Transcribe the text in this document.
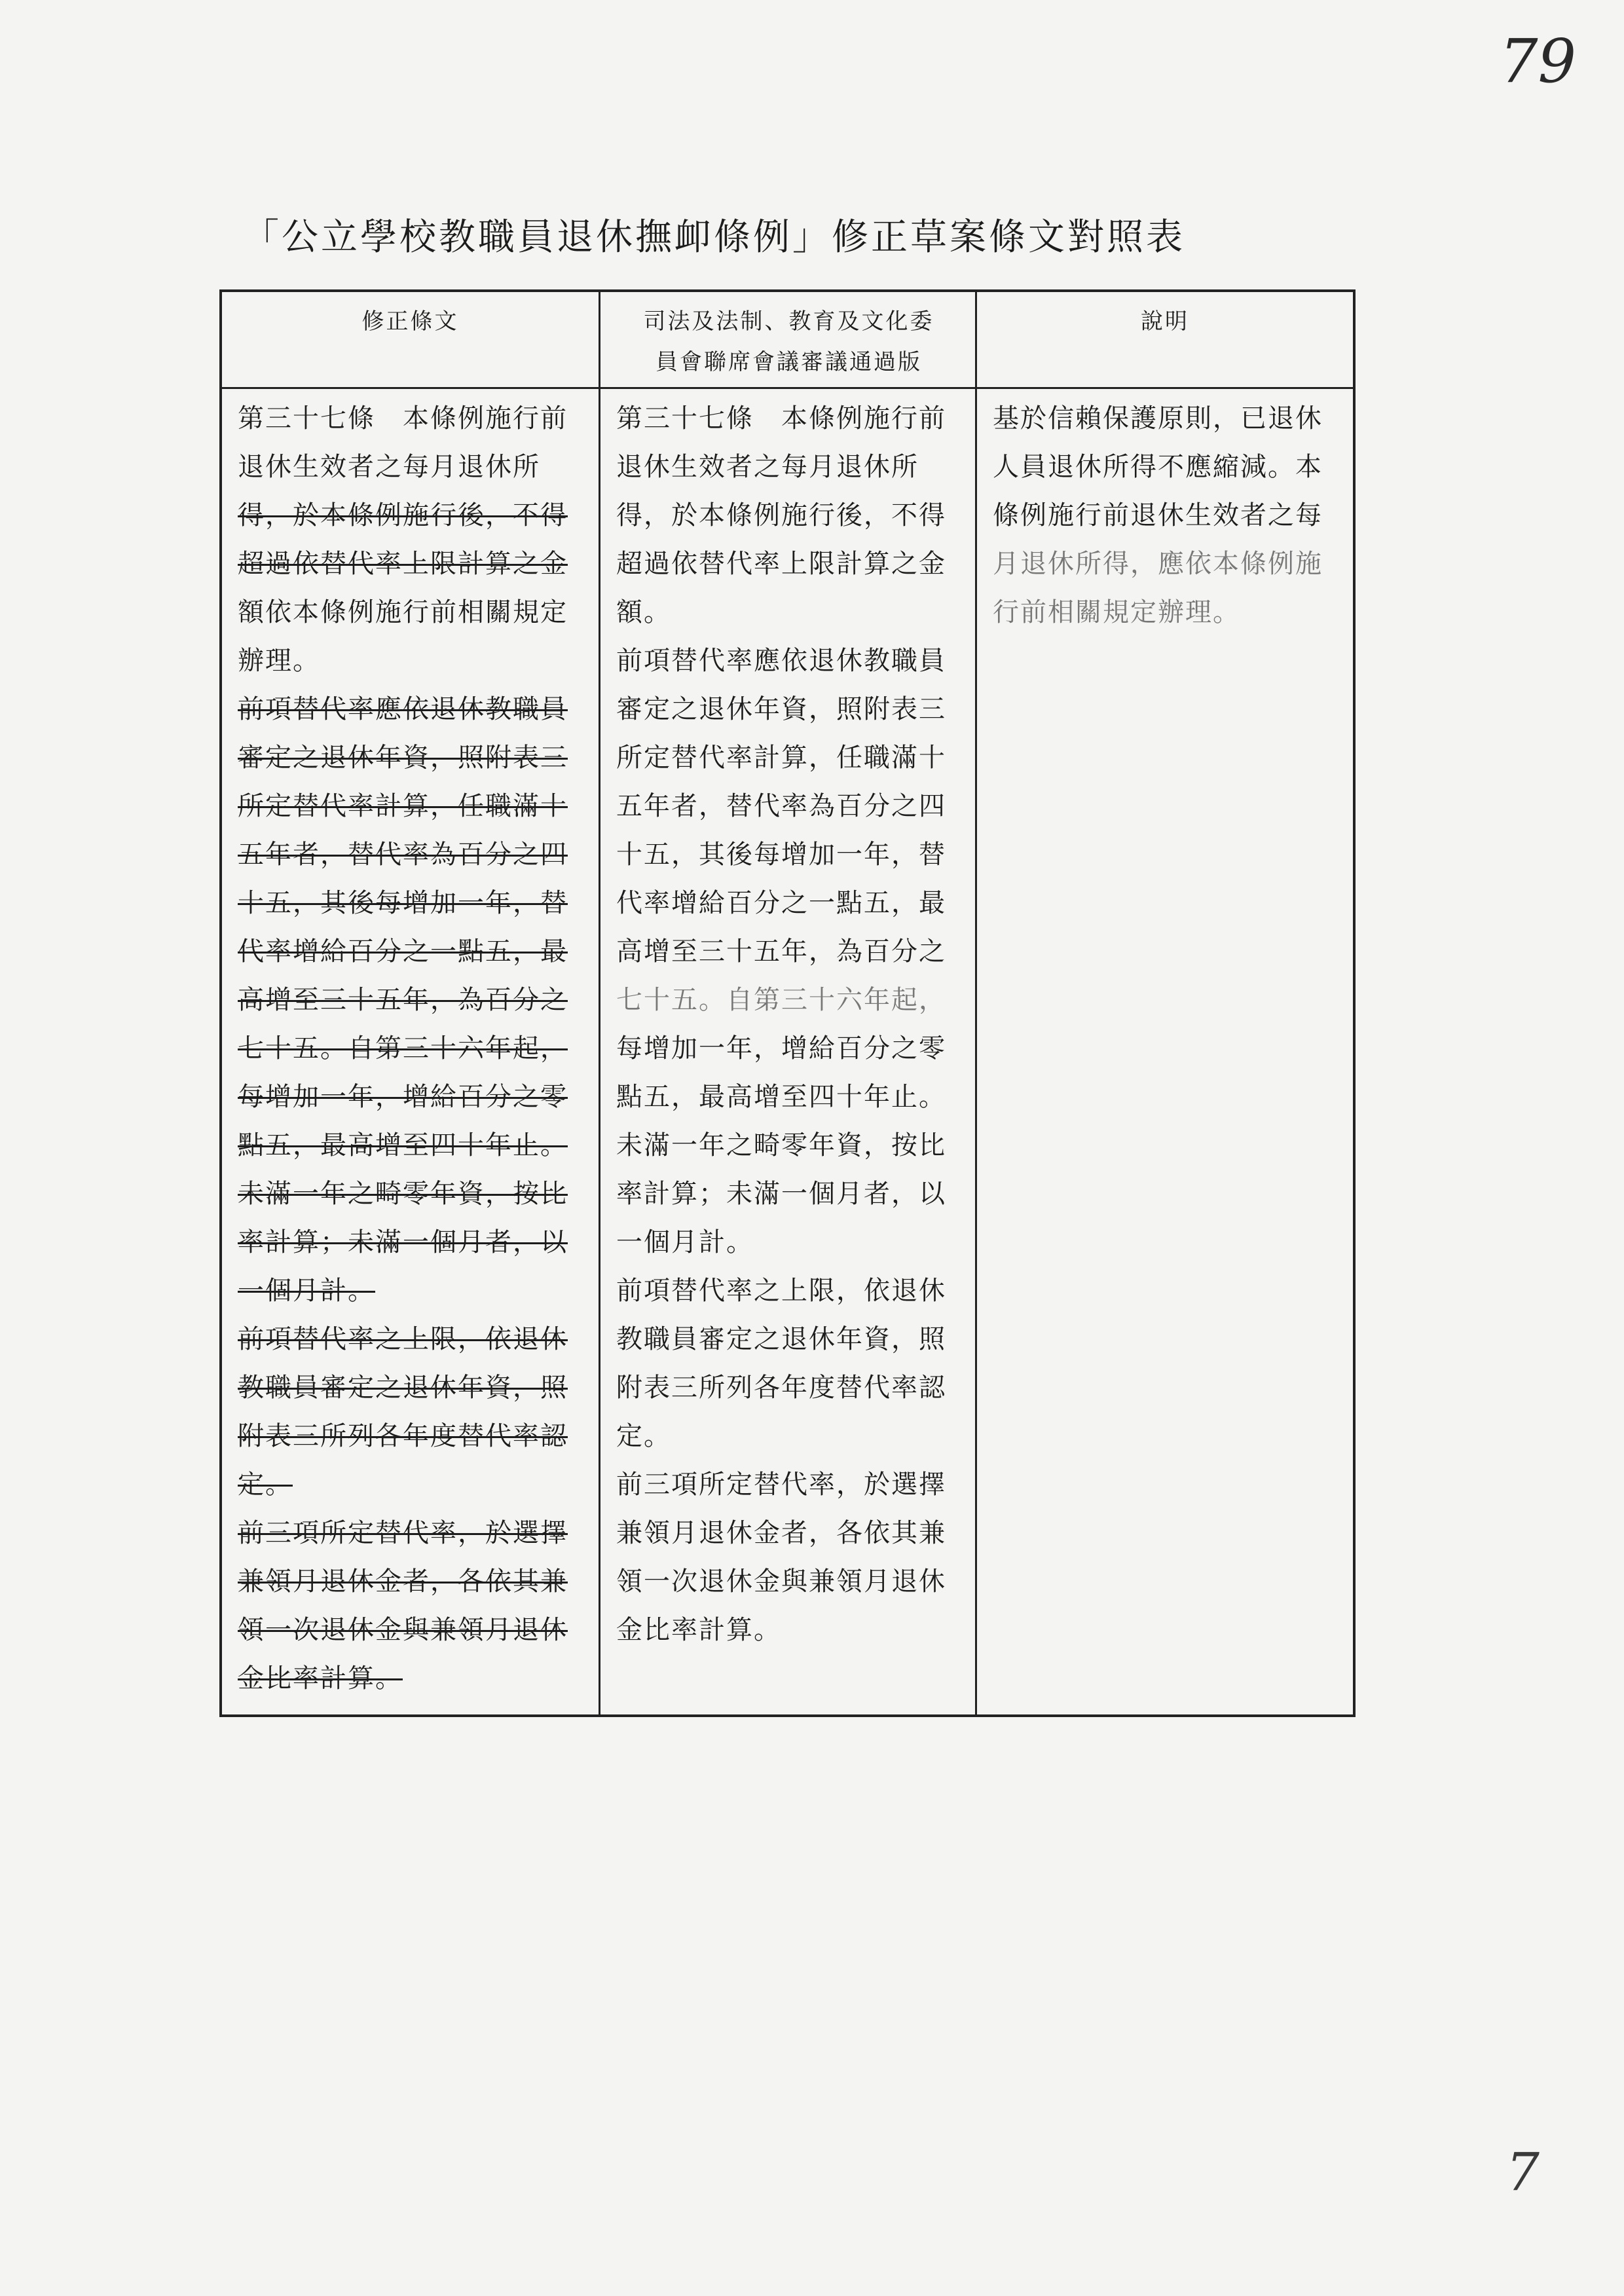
79
「公立學校教職員退休撫卹條例」修正草案條文對照表
修正條文
第三十七條　本條例施行前
退休生效者之每月退休所
得，於本條例施行後，不得
超過依替代率上限計算之金
額依本條例施行前相關規定
辦理。
前項替代率應依退休教職員
審定之退休年資，照附表三
所定替代率計算，任職滿十
五年者，替代率為百分之四
十五，其後每增加一年，替
代率增給百分之一點五，最
高增至三十五年，為百分之
七十五。自第三十六年起，
每增加一年，增給百分之零
點五，最高增至四十年止。
未滿一年之畸零年資，按比
率計算；未滿一個月者，以
一個月計。
前項替代率之上限，依退休
教職員審定之退休年資，照
附表三所列各年度替代率認
定。
前三項所定替代率，於選擇
兼領月退休金者，各依其兼
領一次退休金與兼領月退休
金比率計算。
司法及法制、教育及文化委
員會聯席會議審議通過版
第三十七條　本條例施行前
退休生效者之每月退休所
得，於本條例施行後，不得
超過依替代率上限計算之金
額。
前項替代率應依退休教職員
審定之退休年資，照附表三
所定替代率計算，任職滿十
五年者，替代率為百分之四
十五，其後每增加一年，替
代率增給百分之一點五，最
高增至三十五年，為百分之
七十五。自第三十六年起，
每增加一年，增給百分之零
點五，最高增至四十年止。
未滿一年之畸零年資，按比
率計算；未滿一個月者，以
一個月計。
前項替代率之上限，依退休
教職員審定之退休年資，照
附表三所列各年度替代率認
定。
前三項所定替代率，於選擇
兼領月退休金者，各依其兼
領一次退休金與兼領月退休
金比率計算。
說明
基於信賴保護原則，已退休
人員退休所得不應縮減。本
條例施行前退休生效者之每
月退休所得，應依本條例施
行前相關規定辦理。
7
